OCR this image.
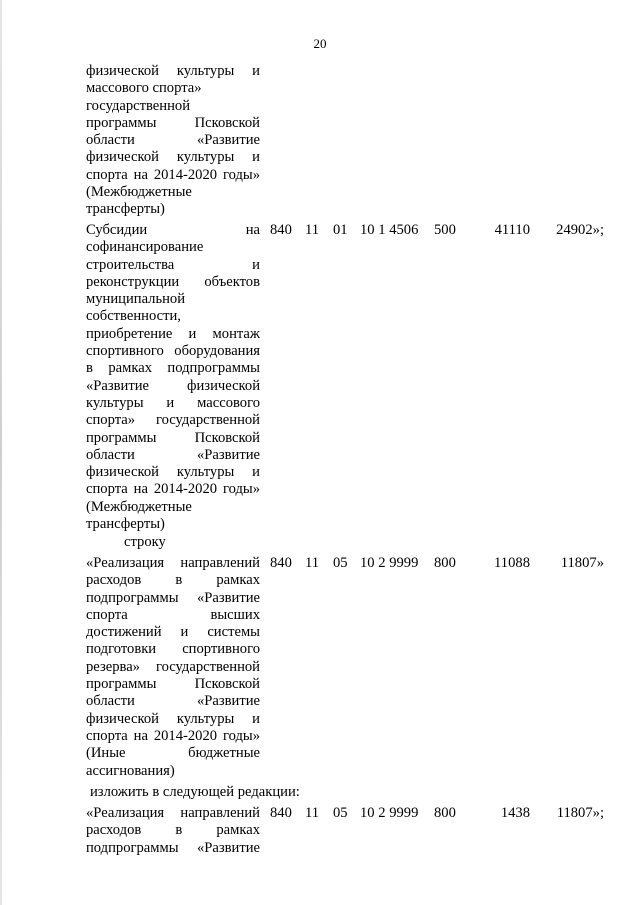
20
физической культуры и
массового спорта»
государственной
программы Псковской
области «Развитие
физической культуры и
спорта на 2014-2020 годы»
(Межбюджетные
трансферты)
Субсидии на
софинансирование
строительства и
реконструкции объектов
муниципальной
собственности,
приобретение и монтаж
спортивного оборудования
в рамках подпрограммы
«Развитие физической
культуры и массового
спорта» государственной
программы Псковской
области «Развитие
физической культуры и
спорта на 2014-2020 годы»
(Межбюджетные
трансферты)
840 11 01 10 1 4506 500	41110 24902»;
строку
«Реализация направлений
расходов в рамках
подпрограммы «Развитие
спорта высших
достижений и системы
подготовки спортивного
резерва» государственной
программы Псковской
области «Развитие
физической культуры и
спорта на 2014-2020 годы»
(Иные бюджетные
ассигнования)
840 11 05 10 2 9999 800	11088 11807»
изложить в следующей редакции:
«Реализация направлений
расходов в рамках
подпрограммы «Развитие
840 11 05 10 2 9999 800	1438 11807»;
